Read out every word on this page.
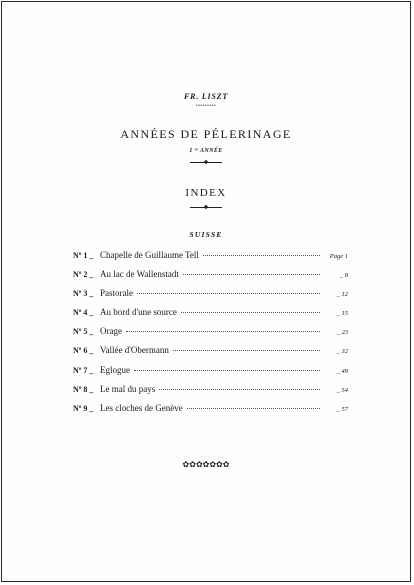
FR. LISZT
•••••••••
ANNÉES DE PÉLERINAGE
1 ʳᵉ ANNÉE
INDEX
SUISSE
Nº 1 _ Chapelle de Guillaume Tell	Page 1
Nº 2 _ Au lac de Wallenstadt	_ 8
Nº 3 _ Pastorale	_ 12
Nº 4 _ Au bord d'une source	_ 15
Nº 5 _ Orage	_ 23
Nº 6 _ Vallée d'Obermann	_ 32
Nº 7 _ Eglogue	_ 49
Nº 8 _ Le mal du pays	_ 54
Nº 9 _ Les cloches de Genève	_ 57
✿✿✿✿✿✿✿
